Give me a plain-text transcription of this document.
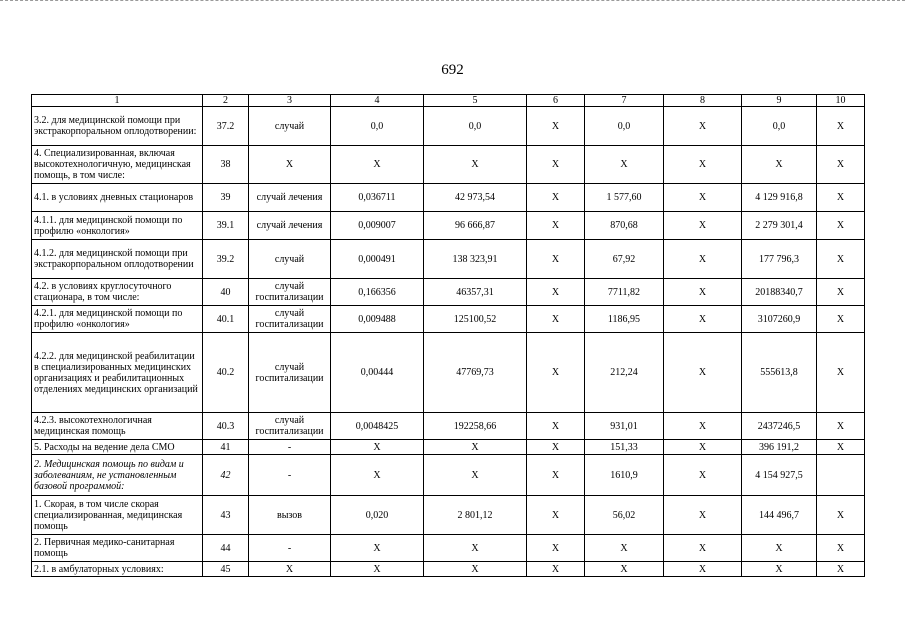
692
1	2	3	4	5	6	7	8	9	10
3.2. для медицинской помощи при экстракорпоральном оплодотворении:	37.2	случай	0,0	0,0	Х	0,0	Х	0,0	Х
4. Специализированная, включая высокотехнологичную, медицинская помощь, в том числе:	38	Х	Х	Х	Х	Х	Х	Х	Х
4.1. в условиях дневных стационаров	39	случай лечения	0,036711	42 973,54	Х	1 577,60	Х	4 129 916,8	Х
4.1.1. для медицинской помощи по профилю «онкология»	39.1	случай лечения	0,009007	96 666,87	Х	870,68	Х	2 279 301,4	Х
4.1.2. для медицинской помощи при экстракорпоральном оплодотворении	39.2	случай	0,000491	138 323,91	Х	67,92	Х	177 796,3	Х
4.2. в условиях круглосуточного стационара, в том числе:	40	случай госпитализации	0,166356	46357,31	Х	7711,82	Х	20188340,7	Х
4.2.1. для медицинской помощи по профилю «онкология»	40.1	случай госпитализации	0,009488	125100,52	Х	1186,95	Х	3107260,9	Х
4.2.2. для медицинской реабилитации в специализированных медицинских организациях и реабилитационных отделениях медицинских организаций	40.2	случай госпитализации	0,00444	47769,73	Х	212,24	Х	555613,8	Х
4.2.3. высокотехнологичная медицинская помощь	40.3	случай госпитализации	0,0048425	192258,66	Х	931,01	Х	2437246,5	Х
5. Расходы на ведение дела СМО	41	-	Х	Х	Х	151,33	Х	396 191,2	Х
2. Медицинская помощь по видам и заболеваниям, не установленным базовой программой:	42	-	Х	Х	Х	1610,9	Х	4 154 927,5	
1. Скорая, в том числе скорая специализированная, медицинская помощь	43	вызов	0,020	2 801,12	Х	56,02	Х	144 496,7	Х
2. Первичная медико-санитарная помощь	44	-	Х	Х	Х	Х	Х	Х	Х
2.1. в амбулаторных условиях:	45	Х	Х	Х	Х	Х	Х	Х	Х
